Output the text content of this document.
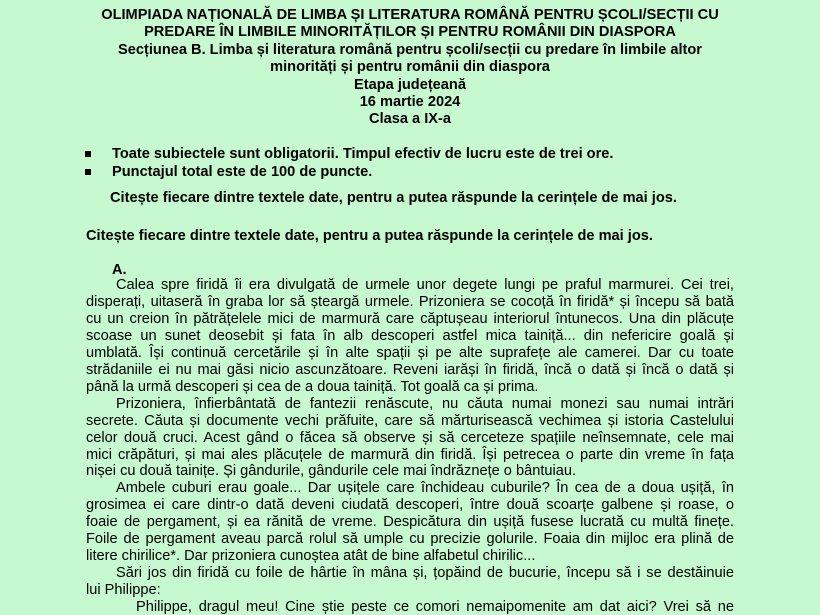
OLIMPIADA NAȚIONALĂ DE LIMBA ȘI LITERATURA ROMÂNĂ PENTRU ȘCOLI/SECȚII CU
PREDARE ÎN LIMBILE MINORITĂȚILOR ȘI PENTRU ROMÂNII DIN DIASPORA
Secțiunea B. Limba și literatura română pentru școli/secții cu predare în limbile altor
minorități și pentru românii din diaspora
Etapa județeană
16 martie 2024
Clasa a IX-a
Toate subiectele sunt obligatorii. Timpul efectiv de lucru este de trei ore.
Punctajul total este de 100 de puncte.
Citește fiecare dintre textele date, pentru a putea răspunde la cerințele de mai jos.
Citește fiecare dintre textele date, pentru a putea răspunde la cerințele de mai jos.
A.
Calea spre firidă îi era divulgată de urmele unor degete lungi pe praful marmurei. Cei trei,
disperați, uitaseră în graba lor să șteargă urmele. Prizoniera se cocoță în firidă* și începu să bată
cu un creion în pătrățelele mici de marmură care căptușeau interiorul întunecos. Una din plăcuțe
scoase un sunet deosebit și fata în alb descoperi astfel mica tainiță... din nefericire goală și
umblată. Își continuă cercetările și în alte spații și pe alte suprafețe ale camerei. Dar cu toate
strădaniile ei nu mai găsi nicio ascunzătoare. Reveni iarăși în firidă, încă o dată și încă o dată și
până la urmă descoperi și cea de a doua tainiță. Tot goală ca și prima.
Prizoniera, înfierbântată de fantezii renăscute, nu căuta numai monezi sau numai intrări
secrete. Căuta și documente vechi prăfuite, care să mărturisească vechimea și istoria Castelului
celor două cruci. Acest gând o făcea să observe și să cerceteze spațiile neînsemnate, cele mai
mici crăpături, și mai ales plăcuțele de marmură din firidă. Își petrecea o parte din vreme în fața
nișei cu două tainițe. Și gândurile, gândurile cele mai îndrăznețe o bântuiau.
Ambele cuburi erau goale... Dar ușițele care închideau cuburile? În cea de a doua ușiță, în
grosimea ei care dintr-o dată deveni ciudată descoperi, între două scoarțe galbene și roase, o
foaie de pergament, și ea rănită de vreme. Despicătura din ușiță fusese lucrată cu multă finețe.
Foile de pergament aveau parcă rolul să umple cu precizie golurile. Foaia din mijloc era plină de
litere chirilice*. Dar prizoniera cunoștea atât de bine alfabetul chirilic...
Sări jos din firidă cu foile de hârtie în mâna și, țopăind de bucurie, începu să i se destăinuie
lui Philippe:
Philippe, dragul meu! Cine știe peste ce comori nemaipomenite am dat aici? Vrei să ne
